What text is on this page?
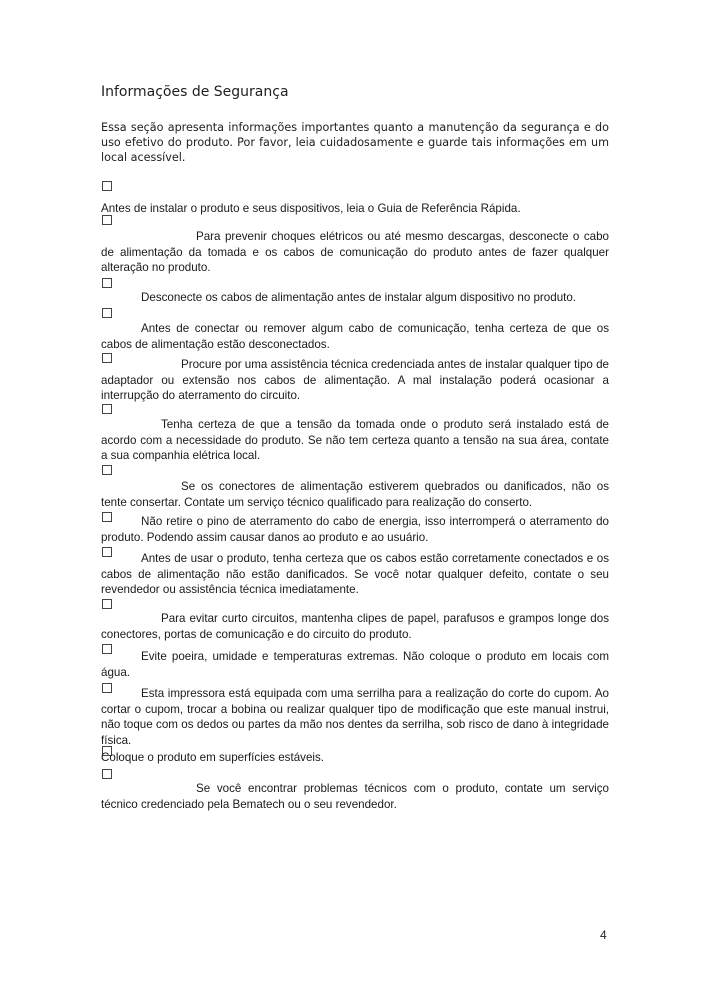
Informações de Segurança

Essa seção apresenta informações importantes quanto a manutenção da segurança e do uso efetivo do produto. Por favor, leia cuidadosamente e guarde tais informações em um local acessível.

Antes de instalar o produto e seus dispositivos, leia o Guia de Referência Rápida.

Para prevenir choques elétricos ou até mesmo descargas, desconecte o cabo de alimentação da tomada e os cabos de comunicação do produto antes de fazer qualquer alteração no produto.

Desconecte os cabos de alimentação antes de instalar algum dispositivo no produto.

Antes de conectar ou remover algum cabo de comunicação, tenha certeza de que os cabos de alimentação estão desconectados.

Procure por uma assistência técnica credenciada antes de instalar qualquer tipo de adaptador ou extensão nos cabos de alimentação. A mal instalação poderá ocasionar a interrupção do aterramento do circuito.

Tenha certeza de que a tensão da tomada onde o produto será instalado está de acordo com a necessidade do produto. Se não tem certeza quanto a tensão na sua área, contate a sua companhia elétrica local.

Se os conectores de alimentação estiverem quebrados ou danificados, não os tente consertar. Contate um serviço técnico qualificado para realização do conserto.

Não retire o pino de aterramento do cabo de energia, isso interromperá o aterramento do produto. Podendo assim causar danos ao produto e ao usuário.

Antes de usar o produto, tenha certeza que os cabos estão corretamente conectados e os cabos de alimentação não estão danificados. Se você notar qualquer defeito, contate o seu revendedor ou assistência técnica imediatamente.

Para evitar curto circuitos, mantenha clipes de papel, parafusos e grampos longe dos conectores, portas de comunicação e do circuito do produto.

Evite poeira, umidade e temperaturas extremas. Não coloque o produto em locais com água.

Esta impressora está equipada com uma serrilha para a realização do corte do cupom. Ao cortar o cupom, trocar a bobina ou realizar qualquer tipo de modificação que este manual instrui, não toque com os dedos ou partes da mão nos dentes da serrilha, sob risco de dano à integridade física.

Coloque o produto em superfícies estáveis.

Se você encontrar problemas técnicos com o produto, contate um serviço técnico credenciado pela Bematech ou o seu revendedor.

4
